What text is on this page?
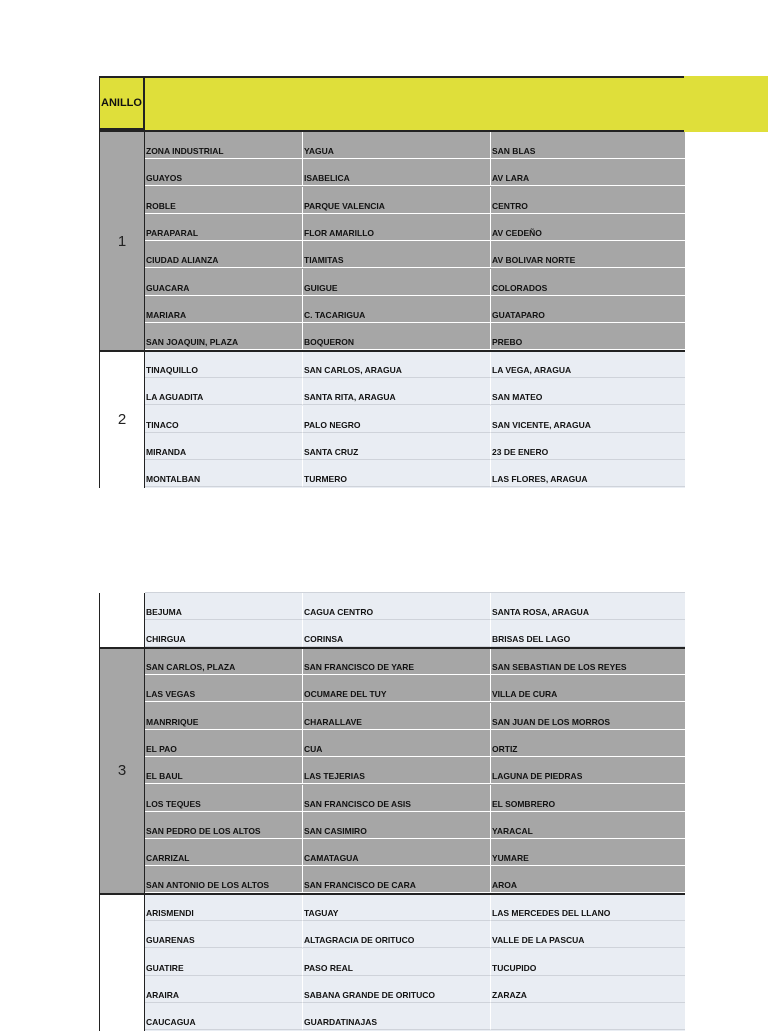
ANILLO
1
ZONA INDUSTRIAL	YAGUA	SAN BLAS
GUAYOS	ISABELICA	AV LARA
ROBLE	PARQUE VALENCIA	CENTRO
PARAPARAL	FLOR AMARILLO	AV CEDEÑO
CIUDAD ALIANZA	TIAMITAS	AV BOLIVAR NORTE
GUACARA	GUIGUE	COLORADOS
MARIARA	C. TACARIGUA	GUATAPARO
SAN JOAQUIN, PLAZA	BOQUERON	PREBO
2
TINAQUILLO	SAN CARLOS, ARAGUA	LA VEGA, ARAGUA
LA AGUADITA	SANTA RITA, ARAGUA	SAN MATEO
TINACO	PALO NEGRO	SAN VICENTE, ARAGUA
MIRANDA	SANTA CRUZ	23 DE ENERO
MONTALBAN	TURMERO	LAS FLORES, ARAGUA
BEJUMA	CAGUA CENTRO	SANTA ROSA, ARAGUA
CHIRGUA	CORINSA	BRISAS DEL LAGO
3
SAN CARLOS, PLAZA	SAN FRANCISCO DE YARE	SAN SEBASTIAN DE LOS REYES
LAS VEGAS	OCUMARE DEL TUY	VILLA DE CURA
MANRRIQUE	CHARALLAVE	SAN JUAN DE LOS MORROS
EL PAO	CUA	ORTIZ
EL BAUL	LAS TEJERIAS	LAGUNA DE PIEDRAS
LOS TEQUES	SAN FRANCISCO DE ASIS	EL SOMBRERO
SAN PEDRO DE LOS ALTOS	SAN CASIMIRO	YARACAL
CARRIZAL	CAMATAGUA	YUMARE
SAN ANTONIO DE LOS ALTOS	SAN FRANCISCO DE CARA	AROA
ARISMENDI	TAGUAY	LAS MERCEDES DEL LLANO
GUARENAS	ALTAGRACIA DE ORITUCO	VALLE DE LA PASCUA
GUATIRE	PASO REAL	TUCUPIDO
ARAIRA	SABANA GRANDE DE ORITUCO	ZARAZA
CAUCAGUA	GUARDATINAJAS
